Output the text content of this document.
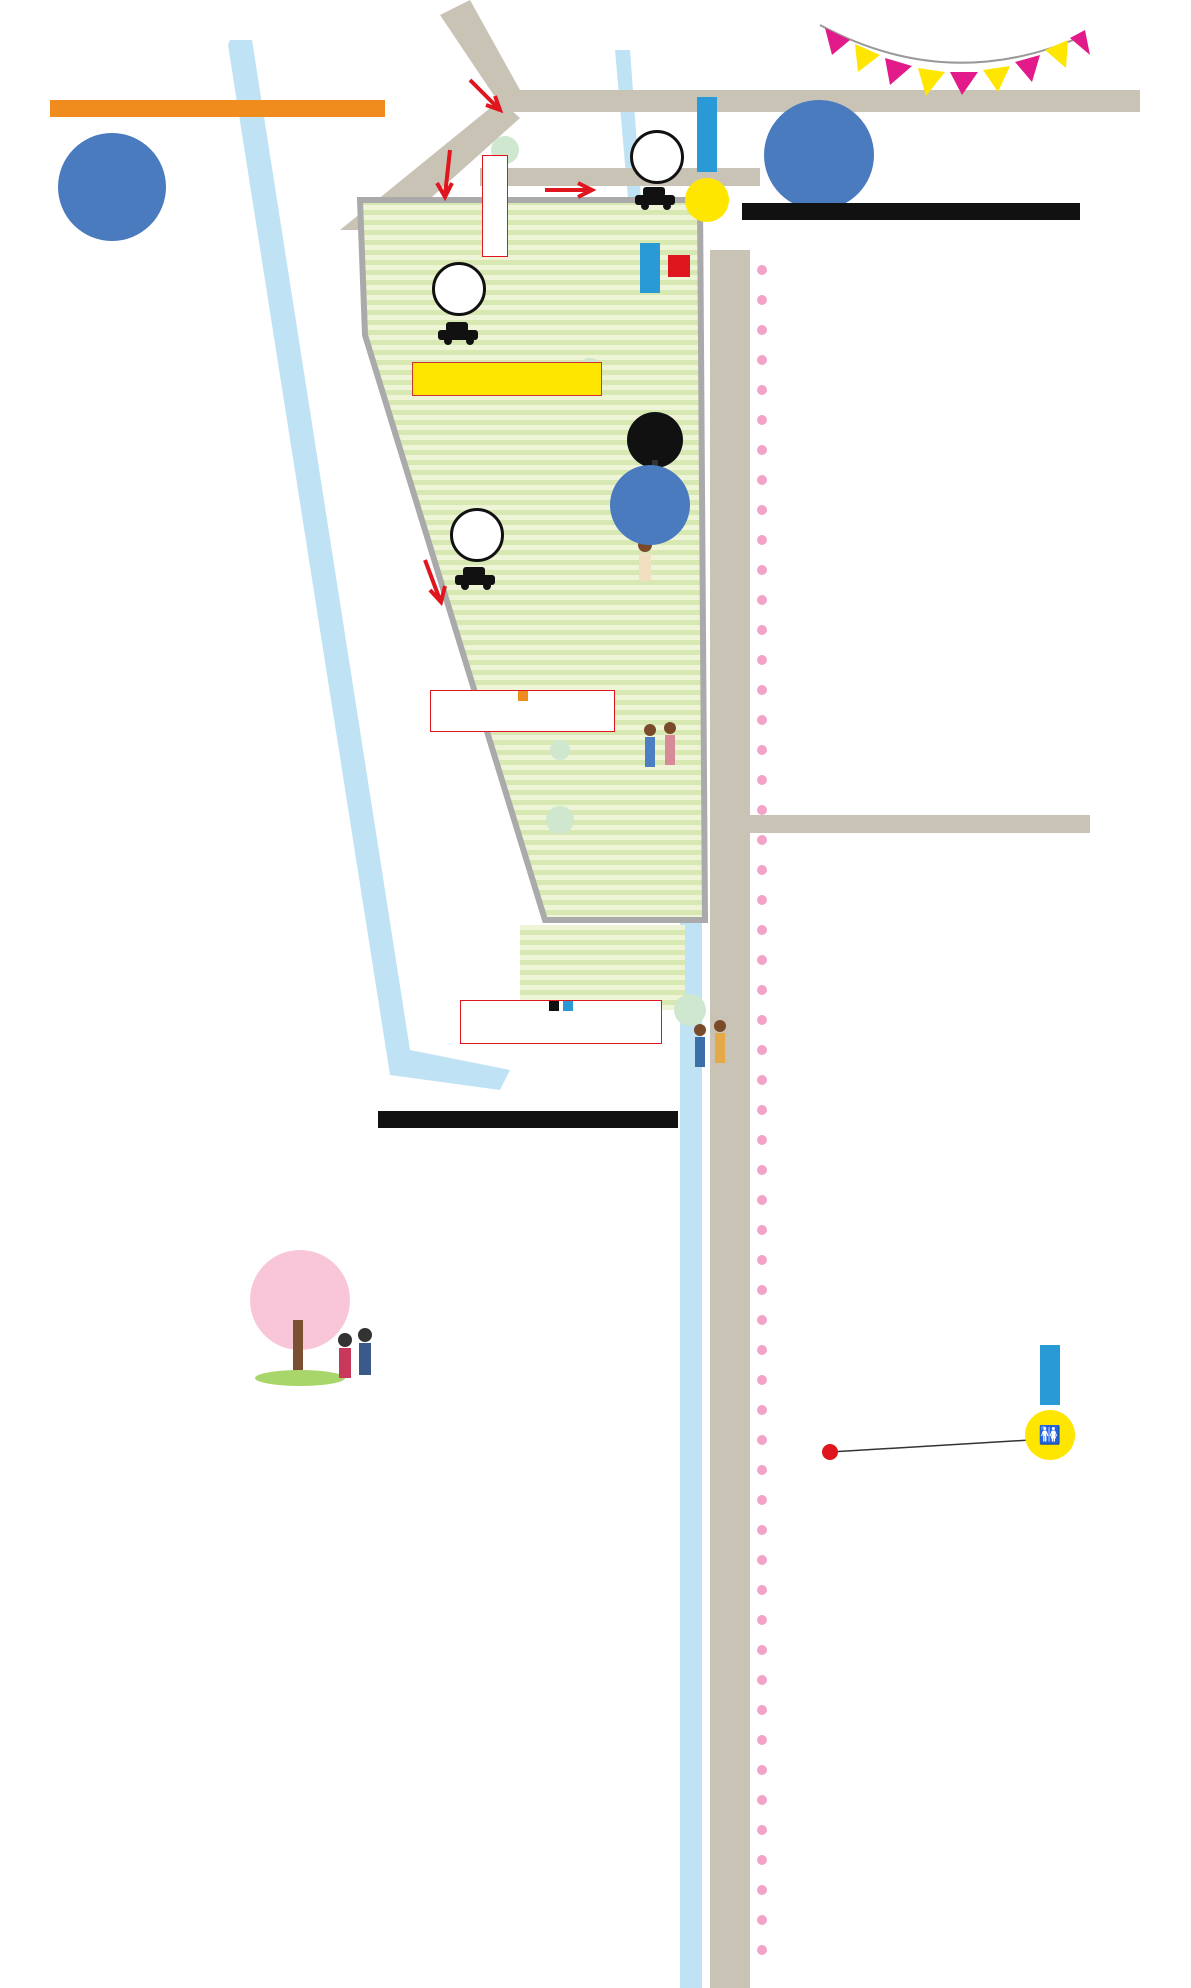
🚻
